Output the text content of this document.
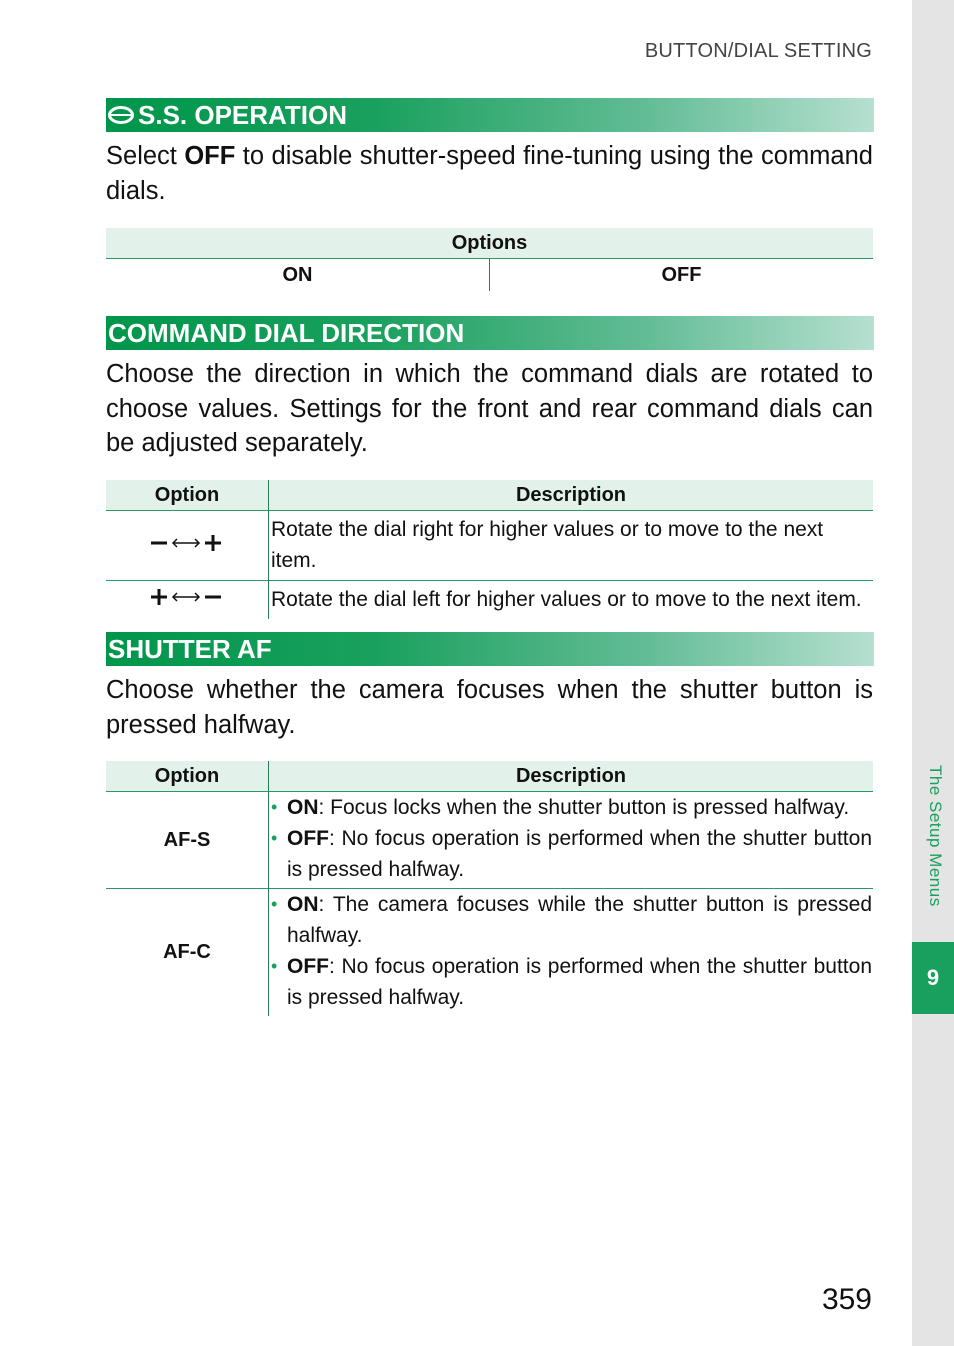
BUTTON/DIAL SETTING
S.S. OPERATION

Select OFF to disable shutter-speed fine-tuning using the command dials.

Options
ON	OFF
COMMAND DIAL DIRECTION

Choose the direction in which the command dials are rotated to choose values. Settings for the front and rear command dials can be adjusted separately.

Option	Description
	Rotate the dial right for higher values or to move to the next item.
	Rotate the dial left for higher values or to move to the next item.
SHUTTER AF

Choose whether the camera focuses when the shutter button is pressed halfway.

Option	Description
AF-S	• ON: Focus locks when the shutter button is pressed halfway.
• OFF: No focus operation is performed when the shutter button is pressed halfway.

AF-C	• ON: The camera focuses while the shutter button is pressed halfway.
• OFF: No focus operation is performed when the shutter button is pressed halfway.
The Setup Menus
9
359
